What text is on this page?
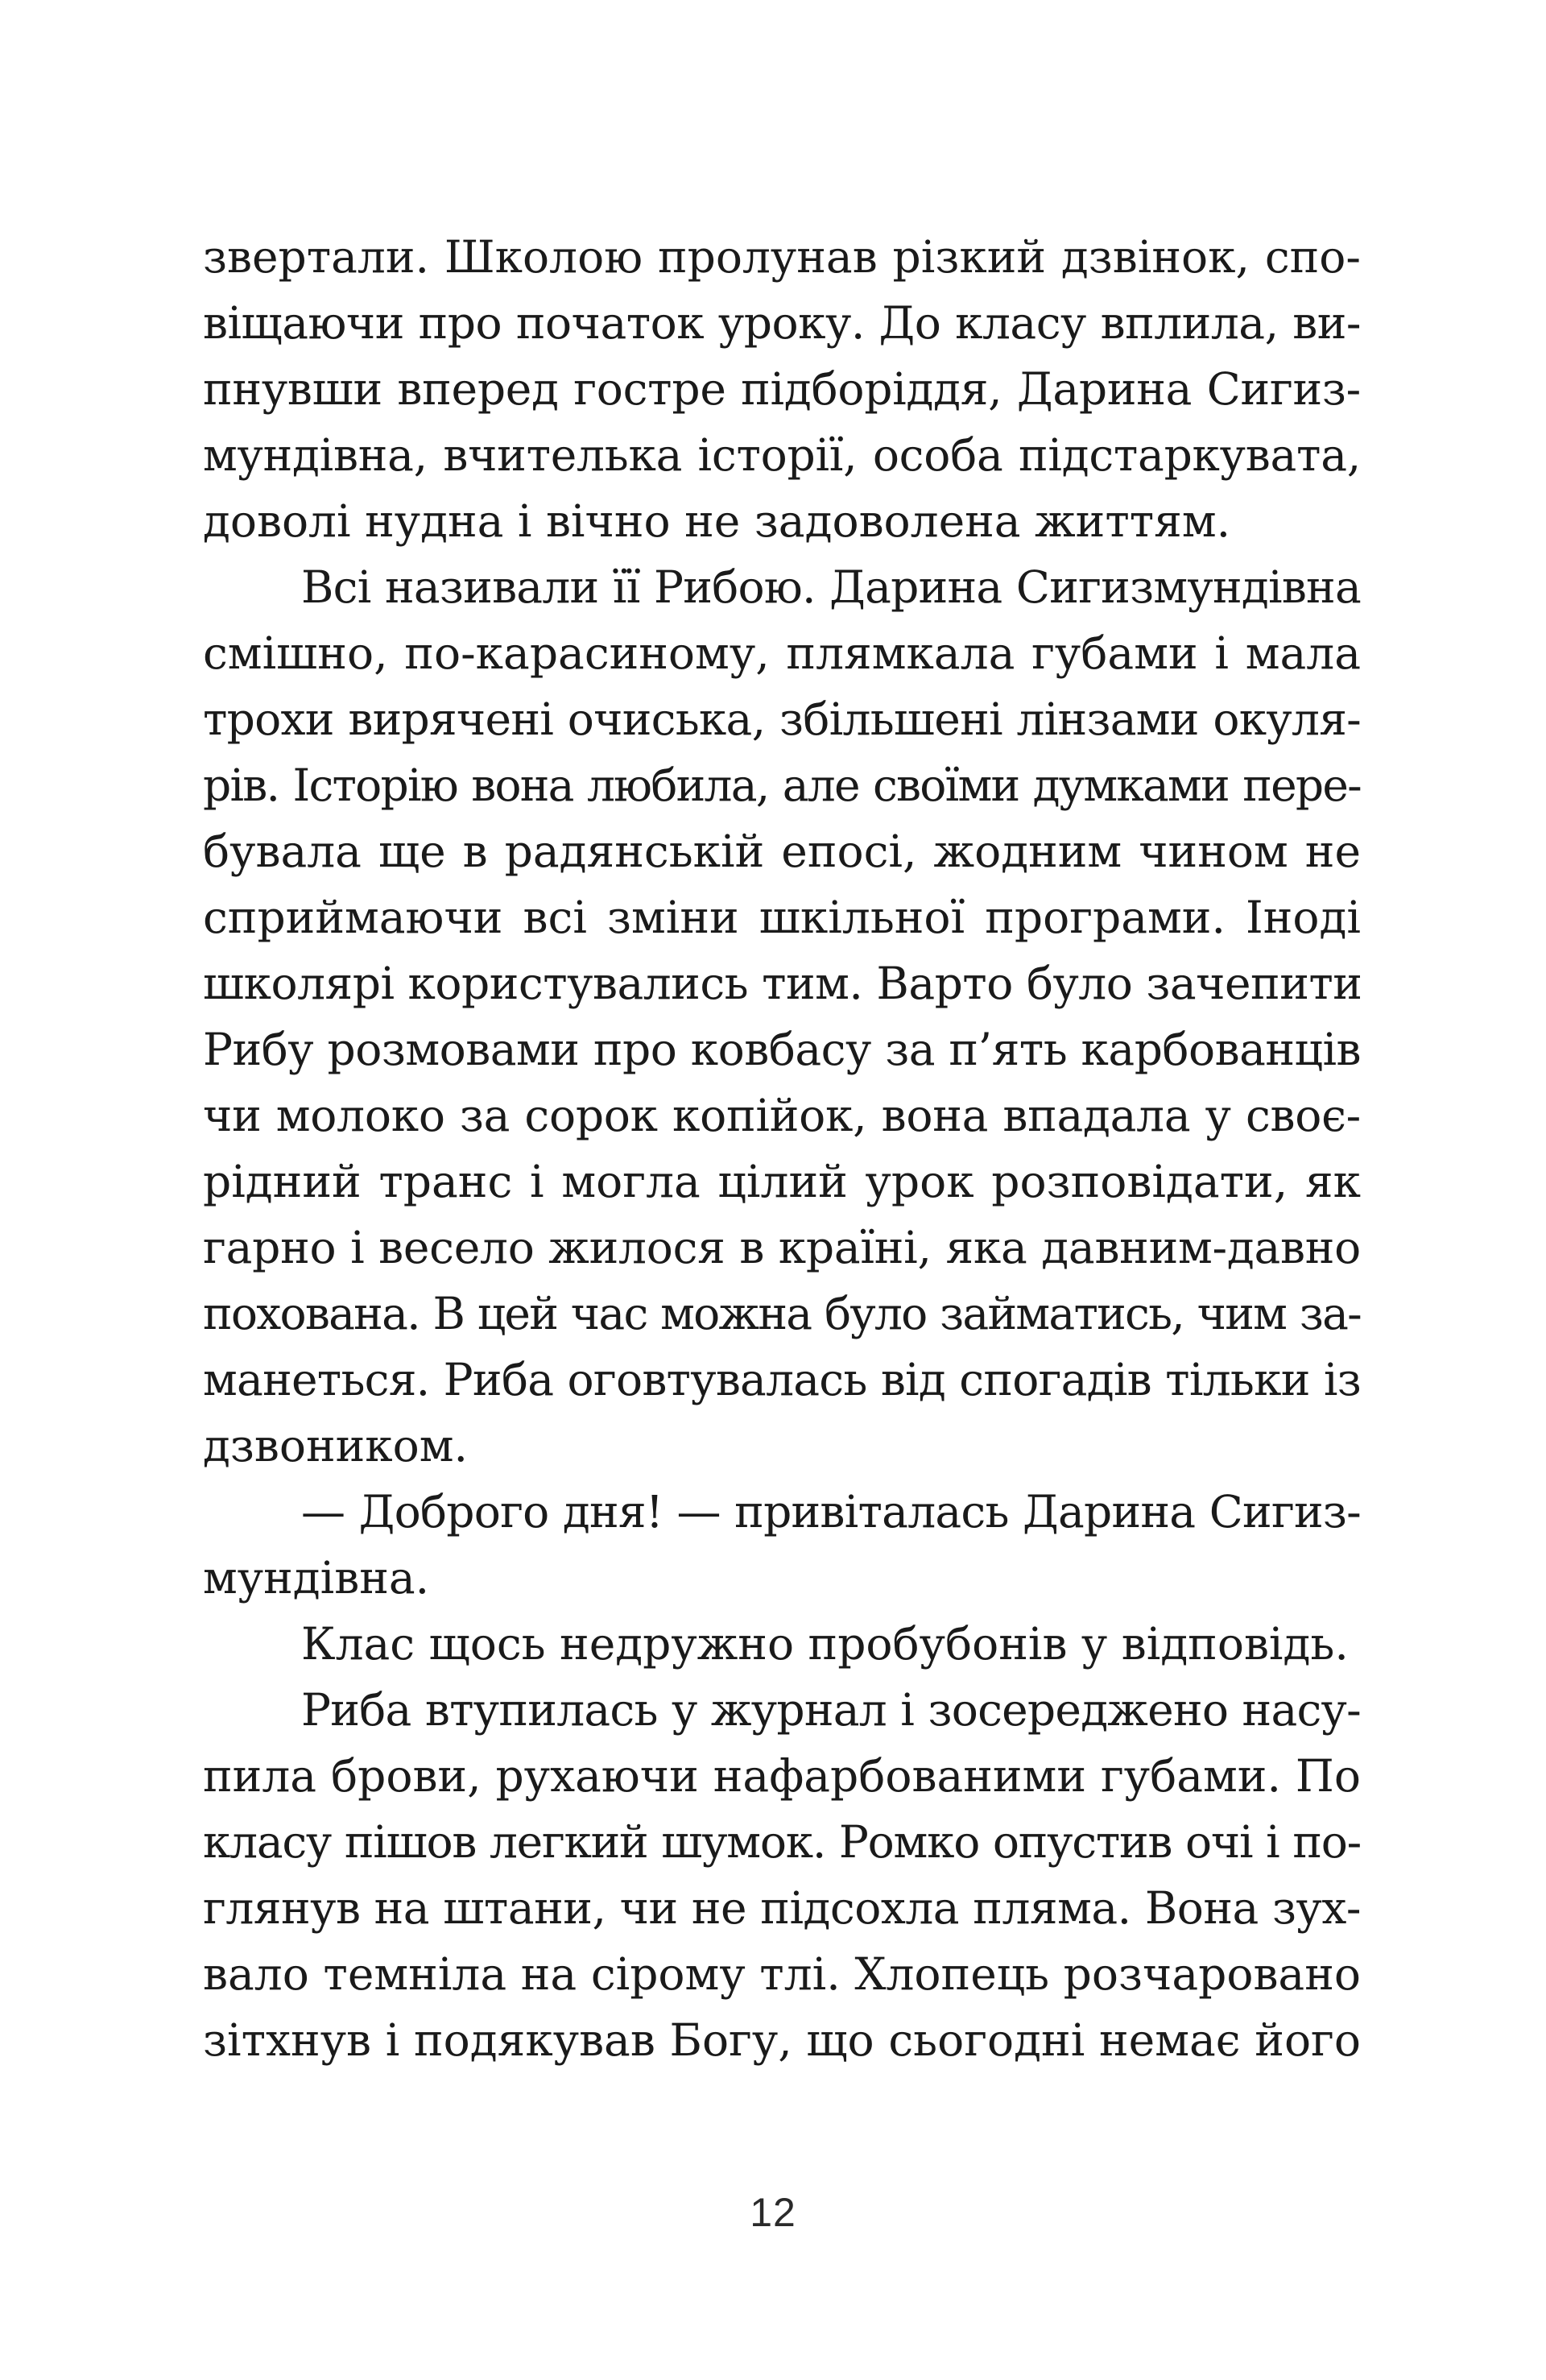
звертали. Школою пролунав різкий дзвінок, спо-
віщаючи про початок уроку. До класу вплила, ви-
пнувши вперед гостре підборіддя, Дарина Сигиз-
мундівна, вчителька історії, особа підстаркувата,
доволі нудна і вічно не задоволена життям.
Всі називали її Рибою. Дарина Сигизмундівна
смішно, по-карасиному, плямкала губами і мала
трохи вирячені очиська, збільшені лінзами окуля-
рів. Історію вона любила, але своїми думками пере-
бувала ще в радянській епосі, жодним чином не
сприймаючи всі зміни шкільної програми. Іноді
школярі користувались тим. Варто було зачепити
Рибу розмовами про ковбасу за п’ять карбованців
чи молоко за сорок копійок, вона впадала у своє-
рідний транс і могла цілий урок розповідати, як
гарно і весело жилося в країні, яка давним-давно
похована. В цей час можна було займатись, чим за-
манеться. Риба оговтувалась від спогадів тільки із
дзвоником.
— Доброго дня! — привіталась Дарина Сигиз-
мундівна.
Клас щось недружно пробубонів у відповідь.
Риба втупилась у журнал і зосереджено насу-
пила брови, рухаючи нафарбованими губами. По
класу пішов легкий шумок. Ромко опустив очі і по-
глянув на штани, чи не підсохла пляма. Вона зух-
вало темніла на сірому тлі. Хлопець розчаровано
зітхнув і подякував Богу, що сьогодні немає його
12
